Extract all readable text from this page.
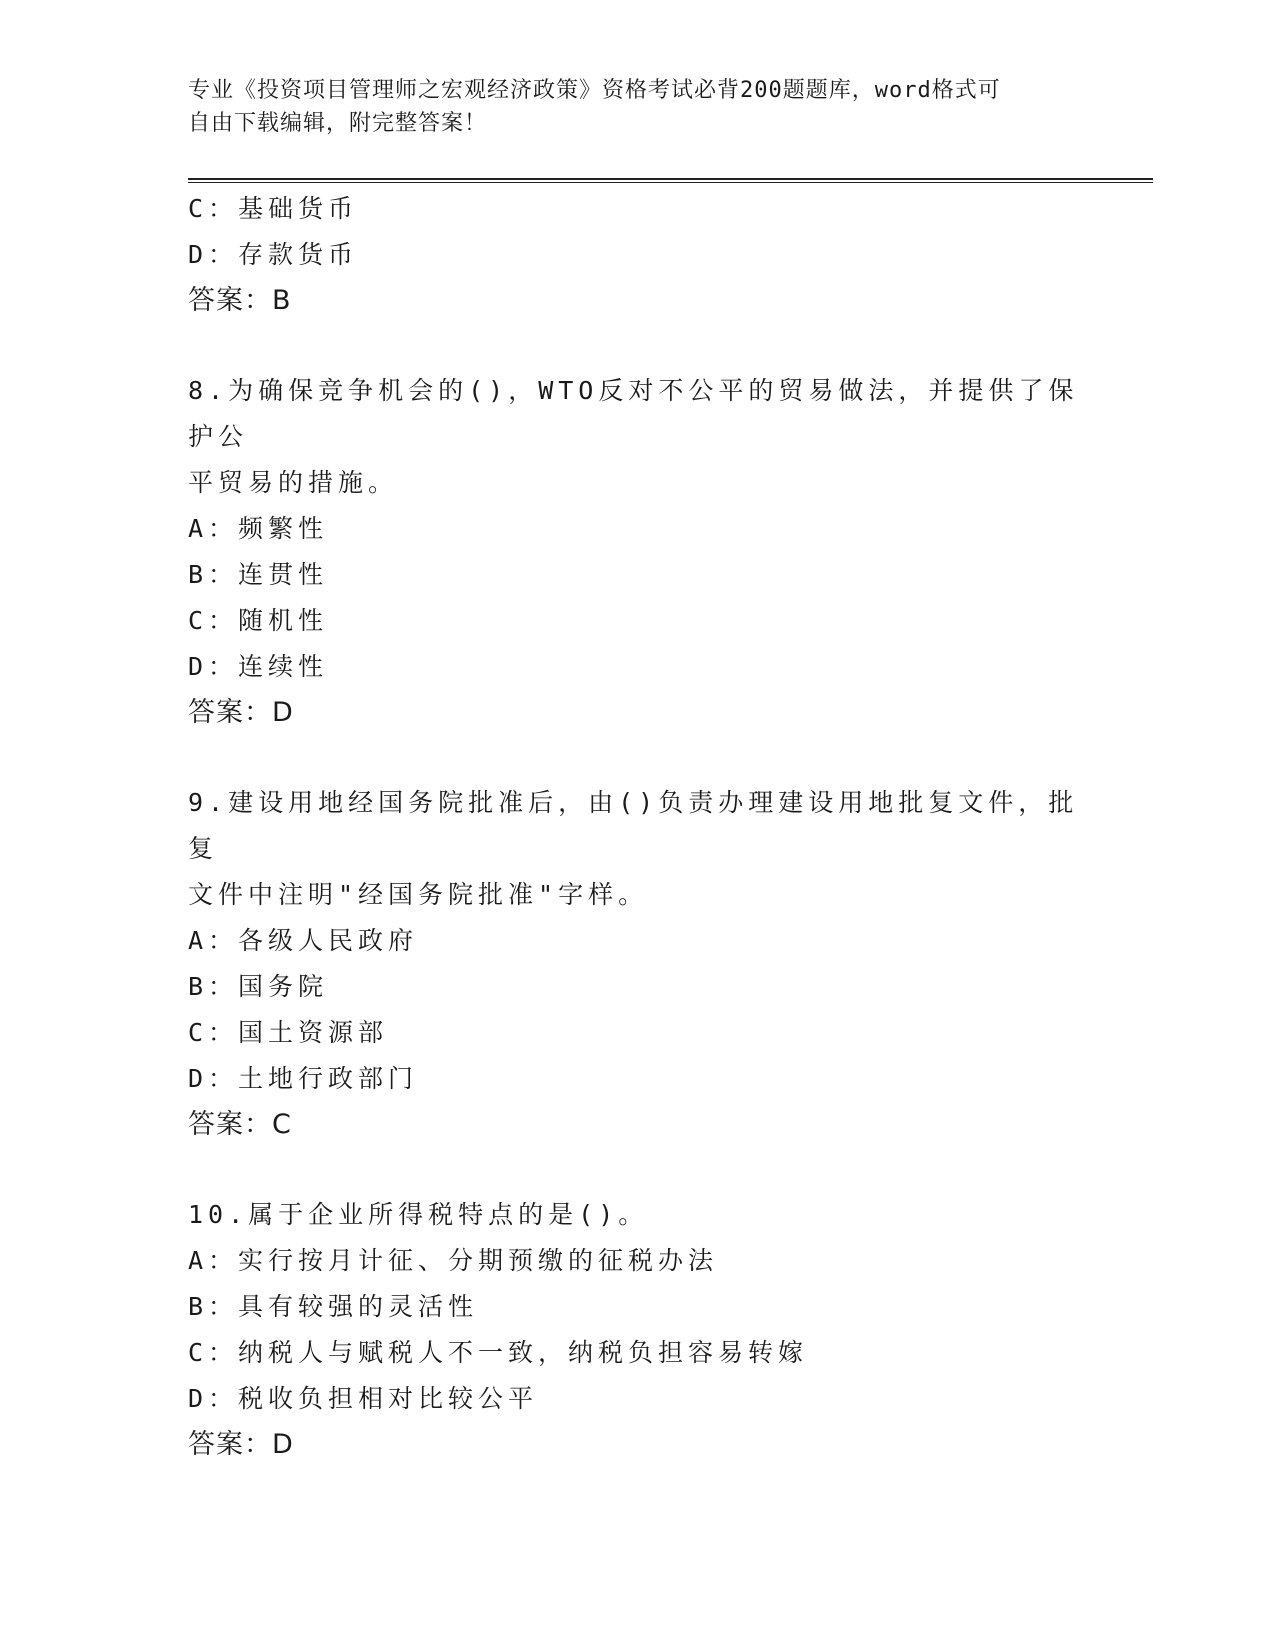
专业《投资项目管理师之宏观经济政策》资格考试必背200题题库，word格式可
自由下载编辑，附完整答案！
C：基础货币
D：存款货币
答案：B
8.为确保竞争机会的()，WTO反对不公平的贸易做法，并提供了保护公
平贸易的措施。
A：频繁性
B：连贯性
C：随机性
D：连续性
答案：D
9.建设用地经国务院批准后，由()负责办理建设用地批复文件，批复
文件中注明"经国务院批准"字样。
A：各级人民政府
B：国务院
C：国土资源部
D：土地行政部门
答案：C
10.属于企业所得税特点的是()。
A：实行按月计征、分期预缴的征税办法
B：具有较强的灵活性
C：纳税人与赋税人不一致，纳税负担容易转嫁
D：税收负担相对比较公平
答案：D
